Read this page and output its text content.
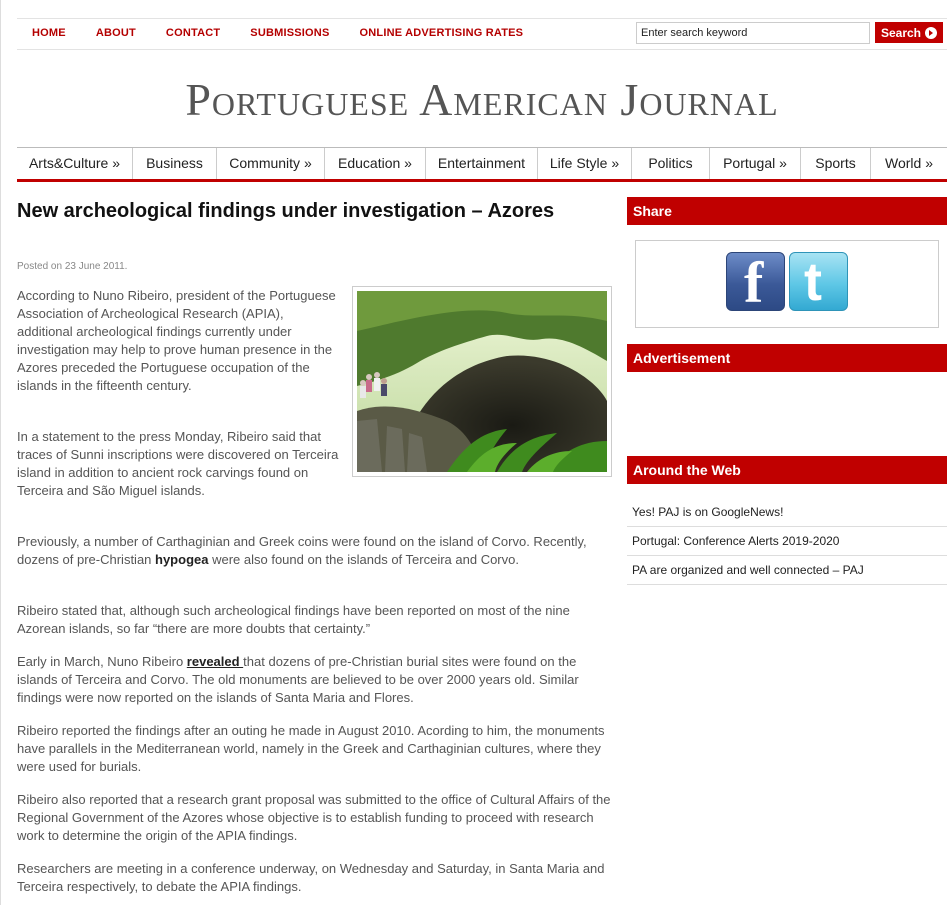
HOME	ABOUT	CONTACT	SUBMISSIONS	ONLINE ADVERTISING RATES
Enter search keyword	Search
Portuguese American Journal
Arts&Culture »	Business	Community »	Education »	Entertainment	Life Style »	Politics	Portugal »	Sports	World »
New archeological findings under investigation – Azores
Posted on 23 June 2011.

According to Nuno Ribeiro, president of the Portuguese Association of Archeological Research (APIA), additional archeological findings currently under investigation may help to prove human presence in the Azores preceded the Portuguese occupation of the islands in the fifteenth century.

In a statement to the press Monday, Ribeiro said that traces of Sunni inscriptions were discovered on Terceira island in addition to ancient rock carvings found on Terceira and São Miguel islands.

Previously, a number of Carthaginian and Greek coins were found on the island of Corvo. Recently, dozens of pre-Christian hypogea were also found on the islands of Terceira and Corvo.

Ribeiro stated that, although such archeological findings have been reported on most of the nine Azorean islands, so far “there are more doubts that certainty.”

Early in March, Nuno Ribeiro revealed that dozens of pre-Christian burial sites were found on the islands of Terceira and Corvo. The old monuments are believed to be over 2000 years old. Similar findings were now reported on the islands of Santa Maria and Flores.

Ribeiro reported the findings after an outing he made in August 2010. Acording to him, the monuments have parallels in the Mediterranean world, namely in the Greek and Carthaginian cultures, where they were used for burials.

Ribeiro also reported that a research grant proposal was submitted to the office of Cultural Affairs of the Regional Government of the Azores whose objective is to establish funding to proceed with research work to determine the origin of the APIA findings.

Researchers are meeting in a conference underway, on Wednesday and Saturday, in Santa Maria and Terceira respectively, to debate the APIA findings.

Share
f t
Advertisement
Around the Web
Yes! PAJ is on GoogleNews!
Portugal: Conference Alerts 2019-2020
PA are organized and well connected – PAJ
